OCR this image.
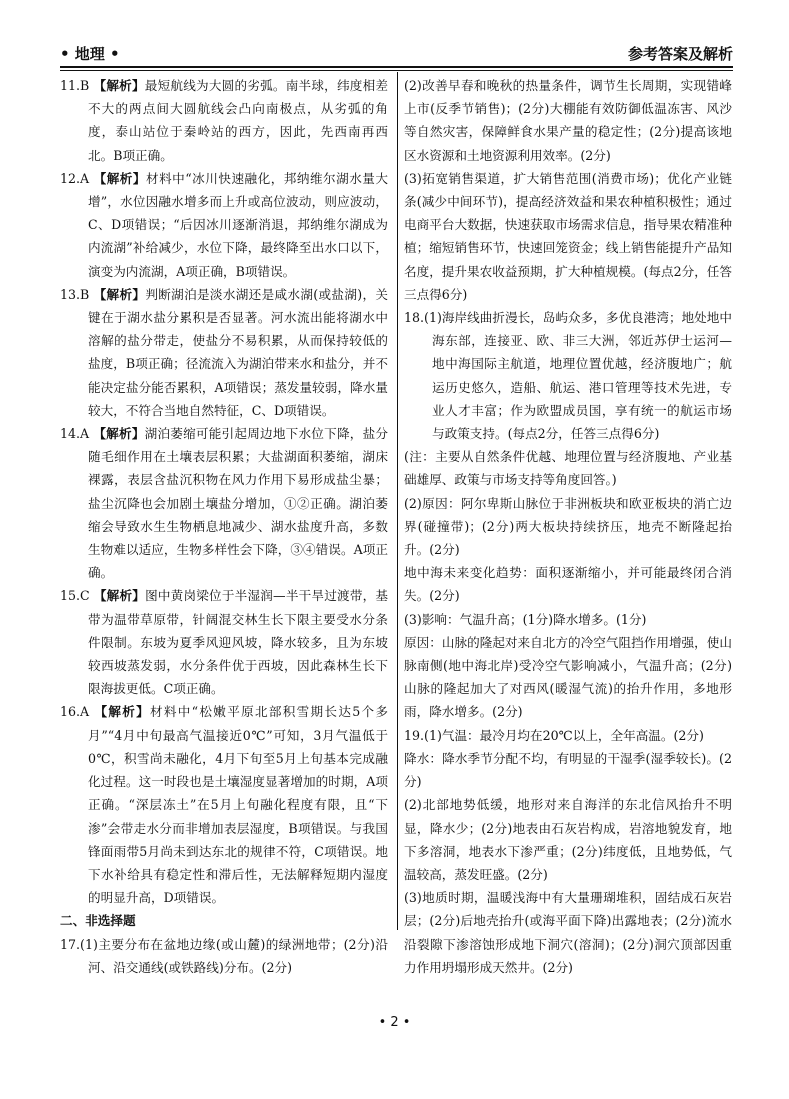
• 地理 •	参考答案及解析

11.B 【解析】最短航线为大圆的劣弧。南半球，纬度相差不大的两点间大圆航线会凸向南极点，从劣弧的角度，泰山站位于秦岭站的西方，因此，先西南再西北。B项正确。

12.A 【解析】材料中“冰川快速融化，邦纳维尔湖水量大增”，水位因融水增多而上升或高位波动，则应波动，C、D项错误；“后因冰川逐渐消退，邦纳维尔湖成为内流湖”补给减少，水位下降，最终降至出水口以下，演变为内流湖，A项正确，B项错误。

13.B 【解析】判断湖泊是淡水湖还是咸水湖(或盐湖)，关键在于湖水盐分累积是否显著。河水流出能将湖水中溶解的盐分带走，使盐分不易积累，从而保持较低的盐度，B项正确；径流流入为湖泊带来水和盐分，并不能决定盐分能否累积，A项错误；蒸发量较弱，降水量较大，不符合当地自然特征，C、D项错误。

14.A 【解析】湖泊萎缩可能引起周边地下水位下降，盐分随毛细作用在土壤表层积累；大盐湖面积萎缩，湖床裸露，表层含盐沉积物在风力作用下易形成盐尘暴；盐尘沉降也会加剧土壤盐分增加，①②正确。湖泊萎缩会导致水生生物栖息地减少、湖水盐度升高，多数生物难以适应，生物多样性会下降，③④错误。A项正确。

15.C 【解析】图中黄岗梁位于半湿润—半干旱过渡带，基带为温带草原带，针阔混交林生长下限主要受水分条件限制。东坡为夏季风迎风坡，降水较多，且为东坡较西坡蒸发弱，水分条件优于西坡，因此森林生长下限海拔更低。C项正确。

16.A 【解析】材料中“松嫩平原北部积雪期长达5个多月”“4月中旬最高气温接近0℃”可知，3月气温低于0℃，积雪尚未融化，4月下旬至5月上旬基本完成融化过程。这一时段也是土壤湿度显著增加的时期，A项正确。“深层冻土”在5月上旬融化程度有限，且“下渗”会带走水分而非增加表层湿度，B项错误。与我国锋面雨带5月尚未到达东北的规律不符，C项错误。地下水补给具有稳定性和滞后性，无法解释短期内湿度的明显升高，D项错误。

二、非选择题

17.(1)主要分布在盆地边缘(或山麓)的绿洲地带；(2分)沿河、沿交通线(或铁路线)分布。(2分)

(2)改善早春和晚秋的热量条件，调节生长周期，实现错峰上市(反季节销售)；(2分)大棚能有效防御低温冻害、风沙等自然灾害，保障鲜食水果产量的稳定性；(2分)提高该地区水资源和土地资源利用效率。(2分)

(3)拓宽销售渠道，扩大销售范围(消费市场)；优化产业链条(减少中间环节)，提高经济效益和果农种植积极性；通过电商平台大数据，快速获取市场需求信息，指导果农精准种植；缩短销售环节，快速回笼资金；线上销售能提升产品知名度，提升果农收益预期，扩大种植规模。(每点2分，任答三点得6分)

18.(1)海岸线曲折漫长，岛屿众多，多优良港湾；地处地中海东部，连接亚、欧、非三大洲，邻近苏伊士运河—地中海国际主航道，地理位置优越，经济腹地广；航运历史悠久，造船、航运、港口管理等技术先进，专业人才丰富；作为欧盟成员国，享有统一的航运市场与政策支持。(每点2分，任答三点得6分)

(注：主要从自然条件优越、地理位置与经济腹地、产业基础雄厚、政策与市场支持等角度回答。)

(2)原因：阿尔卑斯山脉位于非洲板块和欧亚板块的消亡边界(碰撞带)；(2分)两大板块持续挤压，地壳不断隆起抬升。(2分)

地中海未来变化趋势：面积逐渐缩小，并可能最终闭合消失。(2分)

(3)影响：气温升高；(1分)降水增多。(1分)

原因：山脉的隆起对来自北方的冷空气阻挡作用增强，使山脉南侧(地中海北岸)受冷空气影响减小，气温升高；(2分)山脉的隆起加大了对西风(暖湿气流)的抬升作用，多地形雨，降水增多。(2分)

19.(1)气温：最冷月均在20℃以上，全年高温。(2分)

降水：降水季节分配不均，有明显的干湿季(湿季较长)。(2分)

(2)北部地势低缓，地形对来自海洋的东北信风抬升不明显，降水少；(2分)地表由石灰岩构成，岩溶地貌发育，地下多溶洞，地表水下渗严重；(2分)纬度低，且地势低，气温较高，蒸发旺盛。(2分)

(3)地质时期，温暖浅海中有大量珊瑚堆积，固结成石灰岩层；(2分)后地壳抬升(或海平面下降)出露地表；(2分)流水沿裂隙下渗溶蚀形成地下洞穴(溶洞)；(2分)洞穴顶部因重力作用坍塌形成天然井。(2分)

• 2 •
